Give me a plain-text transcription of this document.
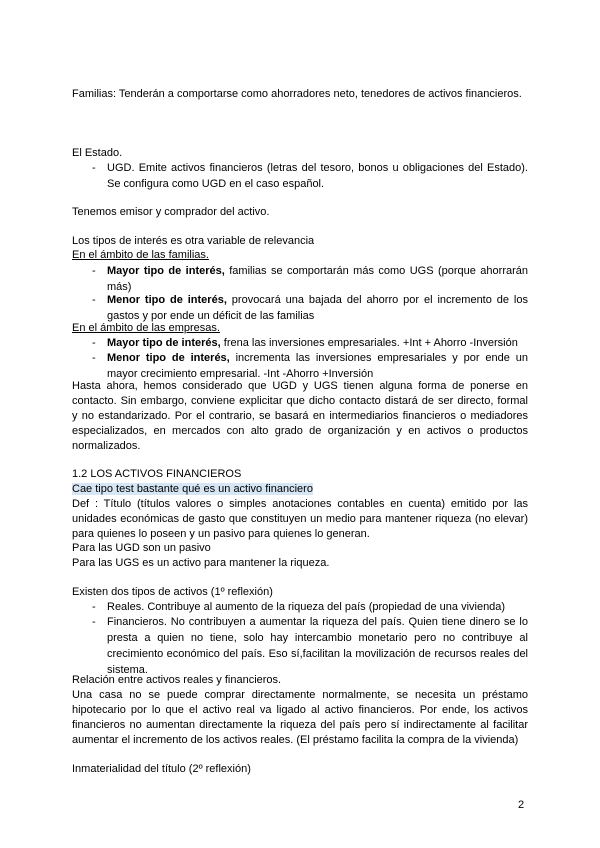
Familias: Tenderán a comportarse como ahorradores neto, tenedores de activos financieros.
El Estado.
- UGD. Emite activos financieros (letras del tesoro, bonos u obligaciones del Estado). Se configura como UGD en el caso español.
Tenemos emisor y comprador del activo.
Los tipos de interés es otra variable de relevancia
En el ámbito de las familias.
- Mayor tipo de interés, familias se comportarán más como UGS (porque ahorrarán más)
- Menor tipo de interés, provocará una bajada del ahorro por el incremento de los gastos y por ende un déficit de las familias
En el ámbito de las empresas.
- Mayor tipo de interés, frena las inversiones empresariales. +Int + Ahorro -Inversión
- Menor tipo de interés, incrementa las inversiones empresariales y por ende un mayor crecimiento empresarial. -Int -Ahorro +Inversión
Hasta ahora, hemos considerado que UGD y UGS tienen alguna forma de ponerse en
contacto. Sin embargo, conviene explicitar que dicho contacto distará de ser directo, formal
y no estandarizado. Por el contrario, se basará en intermediarios financieros o mediadores
especializados, en mercados con alto grado de organización y en activos o productos
normalizados.
1.2 LOS ACTIVOS FINANCIEROS
Cae tipo test bastante qué es un activo financiero
Def : Título (títulos valores o simples anotaciones contables en cuenta) emitido por las
unidades económicas de gasto que constituyen un medio para mantener riqueza (no elevar)
para quienes lo poseen y un pasivo para quienes lo generan.
Para las UGD son un pasivo
Para las UGS es un activo para mantener la riqueza.
Existen dos tipos de activos (1º reflexión)
- Reales. Contribuye al aumento de la riqueza del país (propiedad de una vivienda)
- Financieros. No contribuyen a aumentar la riqueza del país. Quien tiene dinero se lo presta a quien no tiene, solo hay intercambio monetario pero no contribuye al crecimiento económico del país. Eso sí,facilitan la movilización de recursos reales del sistema.
Relación entre activos reales y financieros.
Una casa no se puede comprar directamente normalmente, se necesita un préstamo
hipotecario por lo que el activo real va ligado al activo financieros. Por ende, los activos
financieros no aumentan directamente la riqueza del país pero sí indirectamente al facilitar
aumentar el incremento de los activos reales. (El préstamo facilita la compra de la vivienda)
Inmaterialidad del título (2º reflexión)
2
